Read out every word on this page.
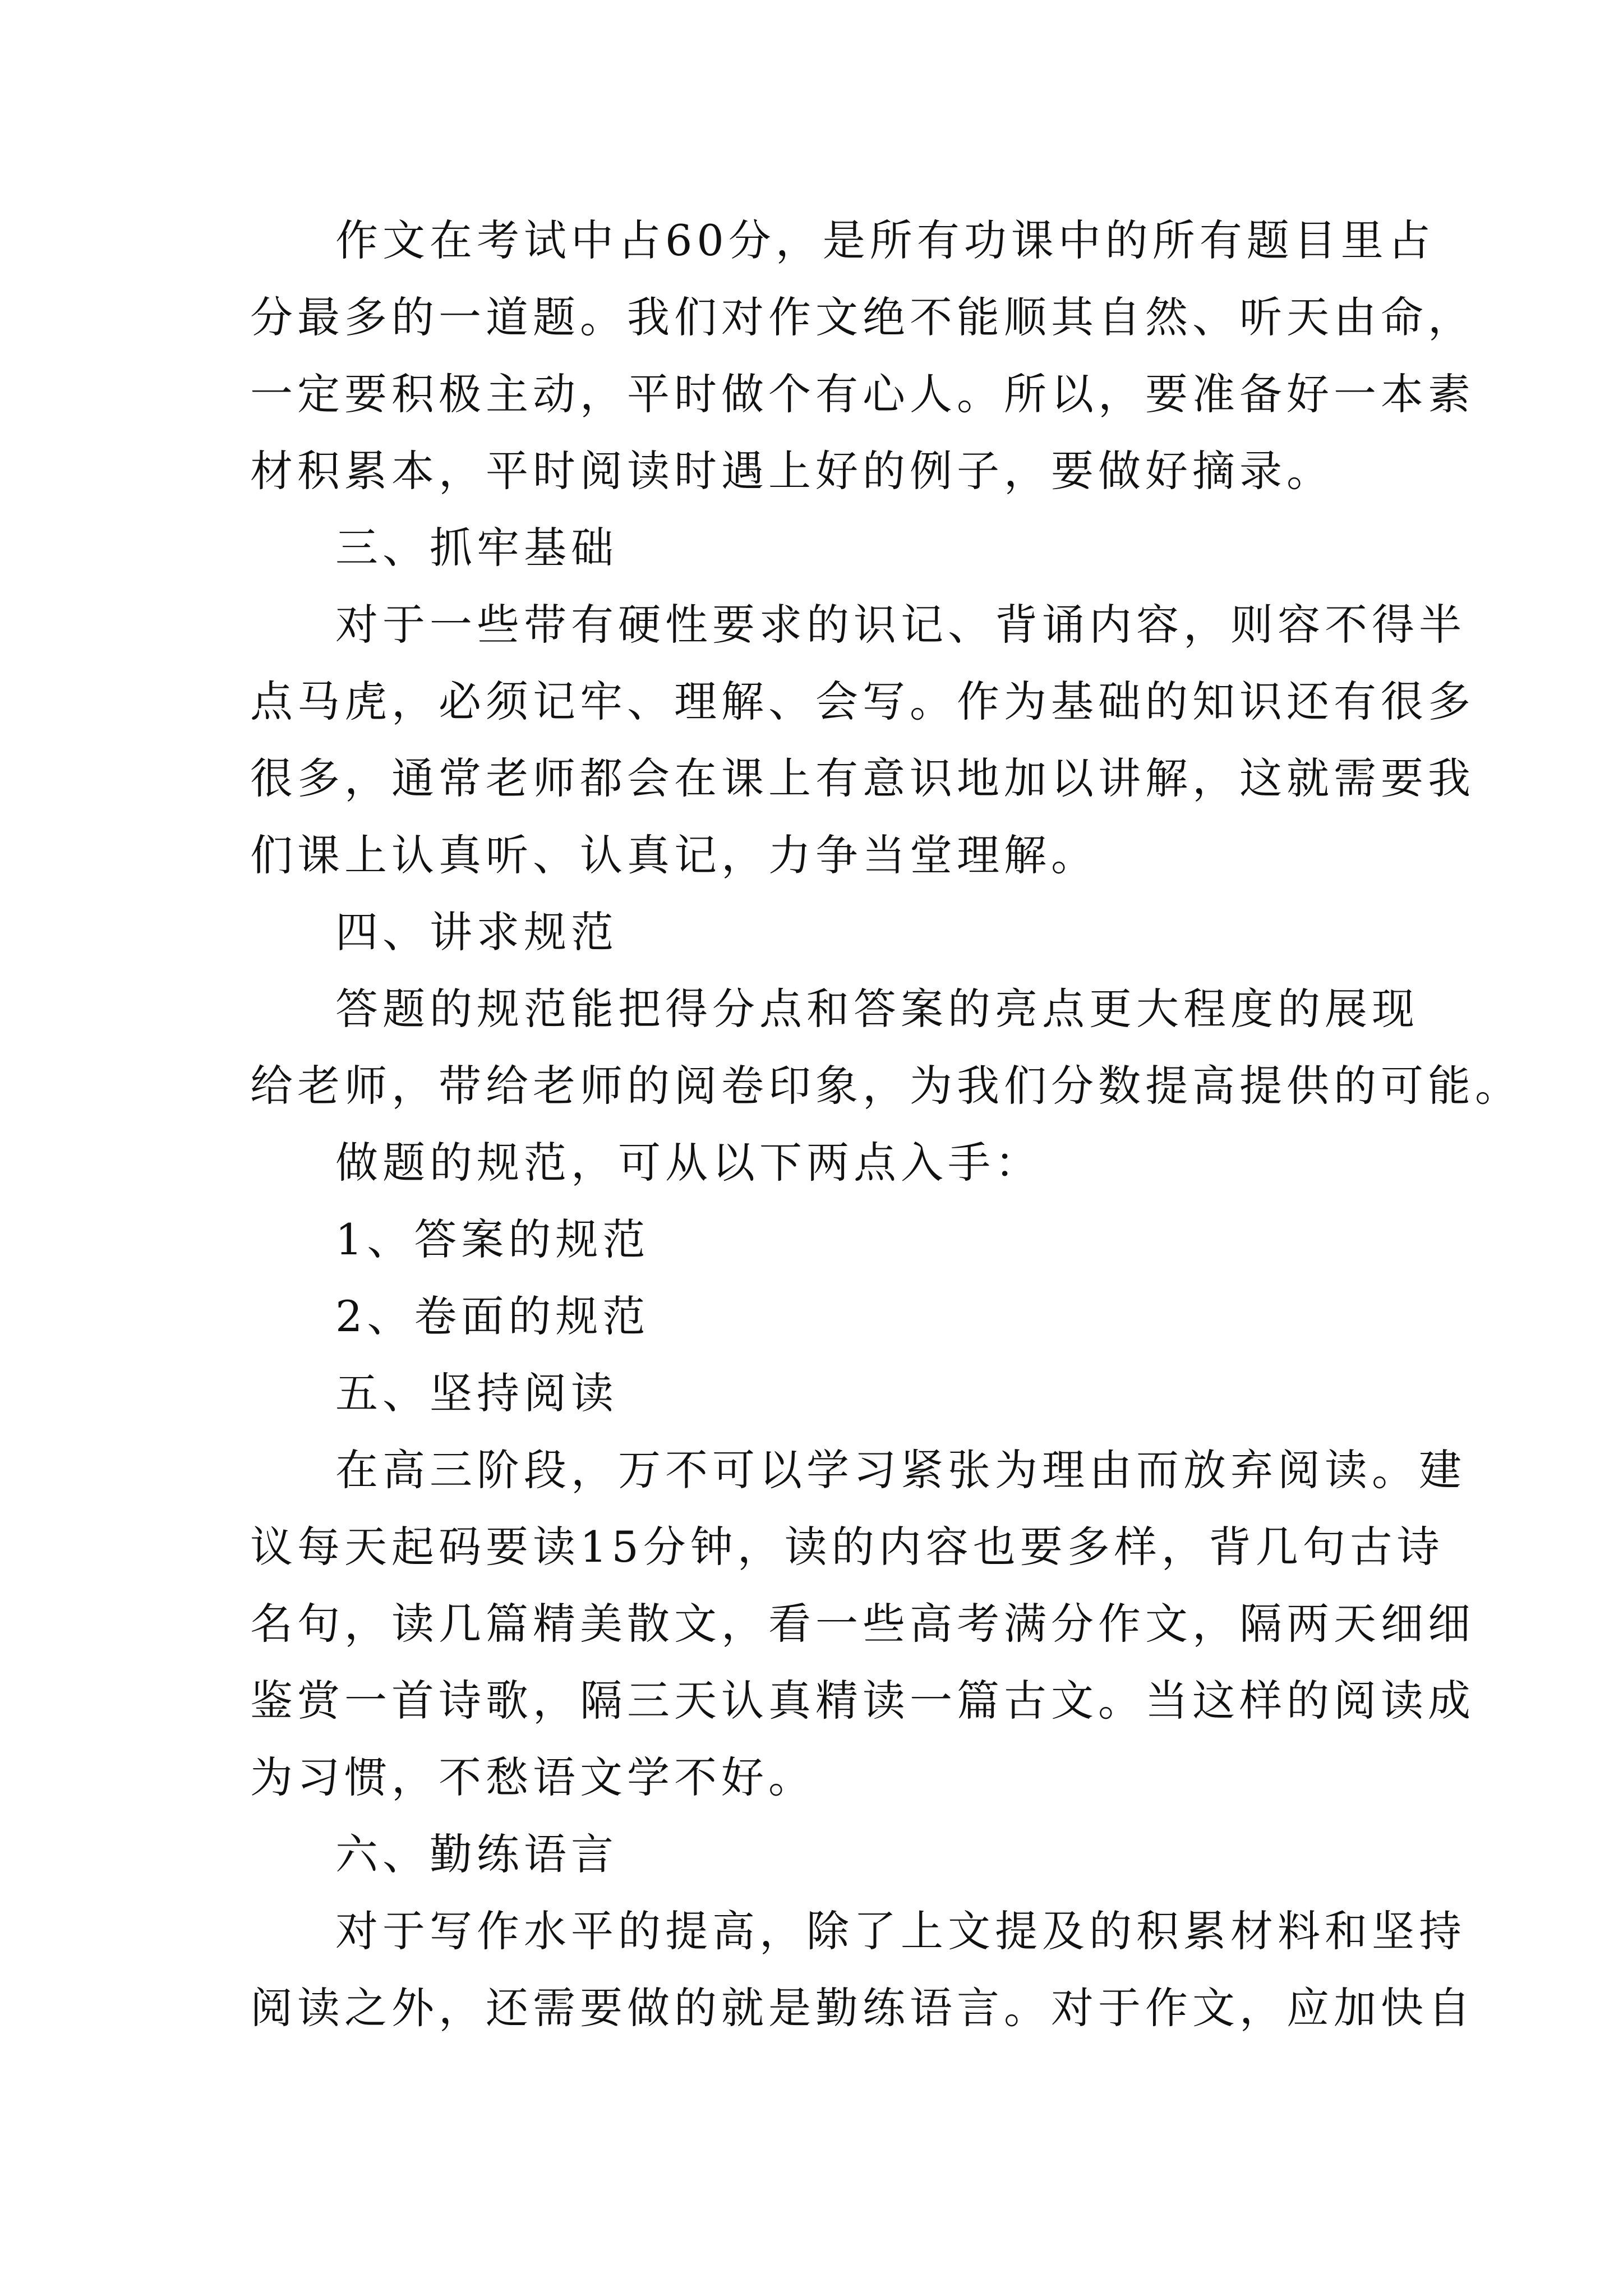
作文在考试中占60分，是所有功课中的所有题目里占
分最多的一道题。我们对作文绝不能顺其自然、听天由命，
一定要积极主动，平时做个有心人。所以，要准备好一本素
材积累本，平时阅读时遇上好的例子，要做好摘录。
三、抓牢基础
对于一些带有硬性要求的识记、背诵内容，则容不得半
点马虎，必须记牢、理解、会写。作为基础的知识还有很多
很多，通常老师都会在课上有意识地加以讲解，这就需要我
们课上认真听、认真记，力争当堂理解。
四、讲求规范
答题的规范能把得分点和答案的亮点更大程度的展现
给老师，带给老师的阅卷印象，为我们分数提高提供的可能。
做题的规范，可从以下两点入手：
1、答案的规范
2、卷面的规范
五、坚持阅读
在高三阶段，万不可以学习紧张为理由而放弃阅读。建
议每天起码要读15分钟，读的内容也要多样，背几句古诗
名句，读几篇精美散文，看一些高考满分作文，隔两天细细
鉴赏一首诗歌，隔三天认真精读一篇古文。当这样的阅读成
为习惯，不愁语文学不好。
六、勤练语言
对于写作水平的提高，除了上文提及的积累材料和坚持
阅读之外，还需要做的就是勤练语言。对于作文，应加快自
